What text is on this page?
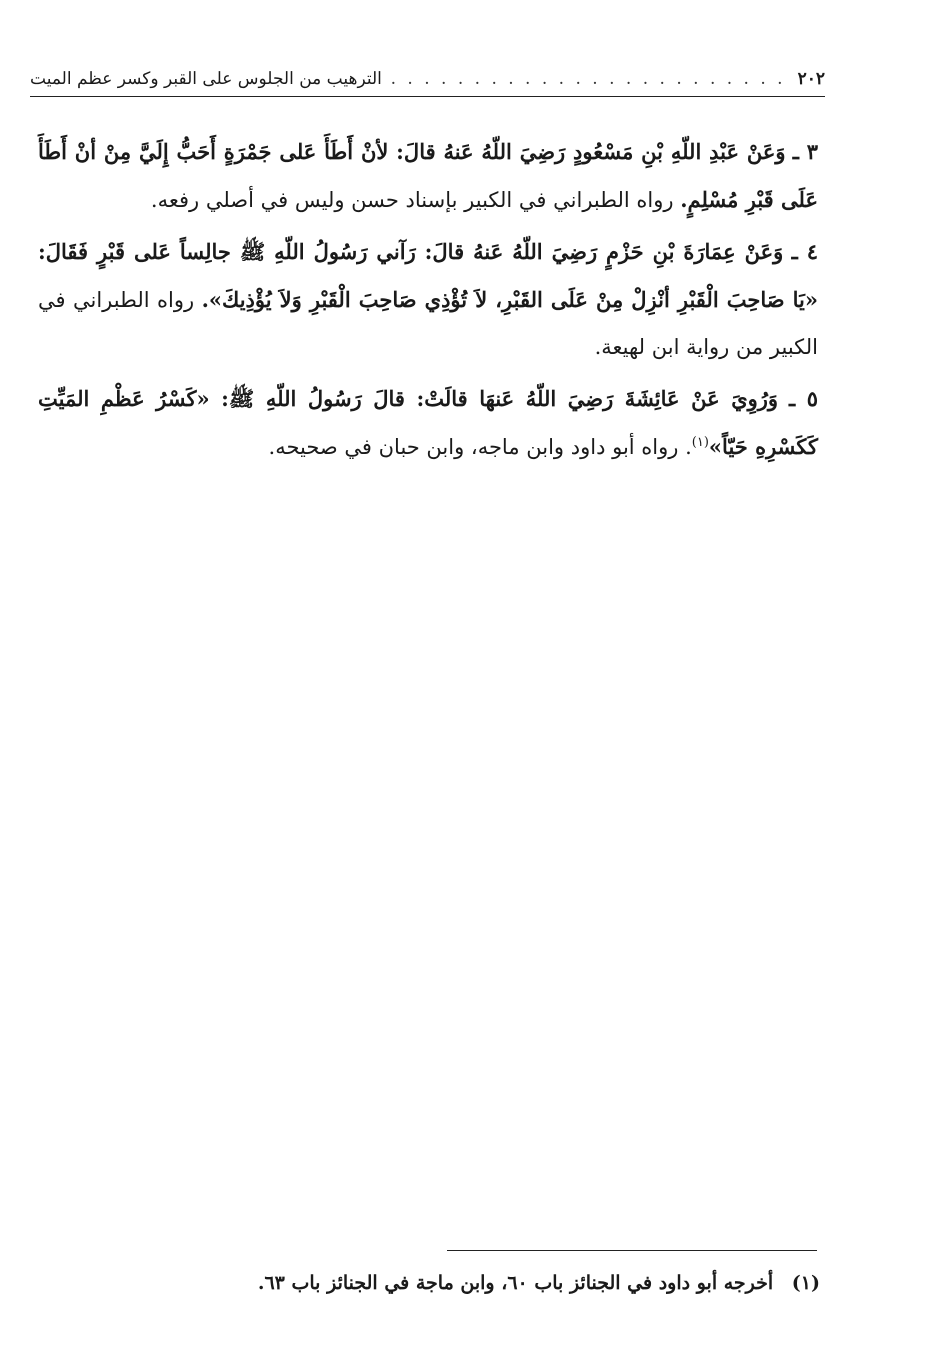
٢٠٢
. . .
الترهيب من الجلوس على القبر وكسر عظم الميت

٣ ـ وَعَنْ عَبْدِ اللّهِ بْنِ مَسْعُودٍ رَضِيَ اللّهُ عَنهُ قالَ: لأنْ أَطَأَ عَلى جَمْرَةٍ أَحَبُّ إِلَيَّ مِنْ أنْ أَطَأَ عَلَى قَبْرِ مُسْلِمٍ. رواه الطبراني في الكبير بإسناد حسن وليس في أصلي رفعه.

٤ ـ وَعَنْ عِمَارَةَ بْنِ حَزْمٍ رَضِيَ اللّهُ عَنهُ قالَ: رَآني رَسُولُ اللّهِ ﷺ جالِساً عَلى قَبْرٍ فَقَالَ: «يَا صَاحِبَ الْقَبْرِ أنْزِلْ مِنْ عَلَى القَبْرِ، لاَ تُؤْذِي صَاحِبَ الْقَبْرِ وَلاَ يُؤْذِيكَ». رواه الطبراني في الكبير من رواية ابن لهيعة.

٥ ـ وَرُوِيَ عَنْ عَائِشَةَ رَضِيَ اللّهُ عَنهَا قالَتْ: قالَ رَسُولُ اللّهِ ﷺ: «كَسْرُ عَظْمِ المَيِّتِ كَكَسْرِهِ حَيّاً»$^{(١)}$. رواه أبو داود وابن ماجه، وابن حبان في صحيحه.

(١) أخرجه أبو داود في الجنائز باب ٦٠، وابن ماجة في الجنائز باب ٦٣.
